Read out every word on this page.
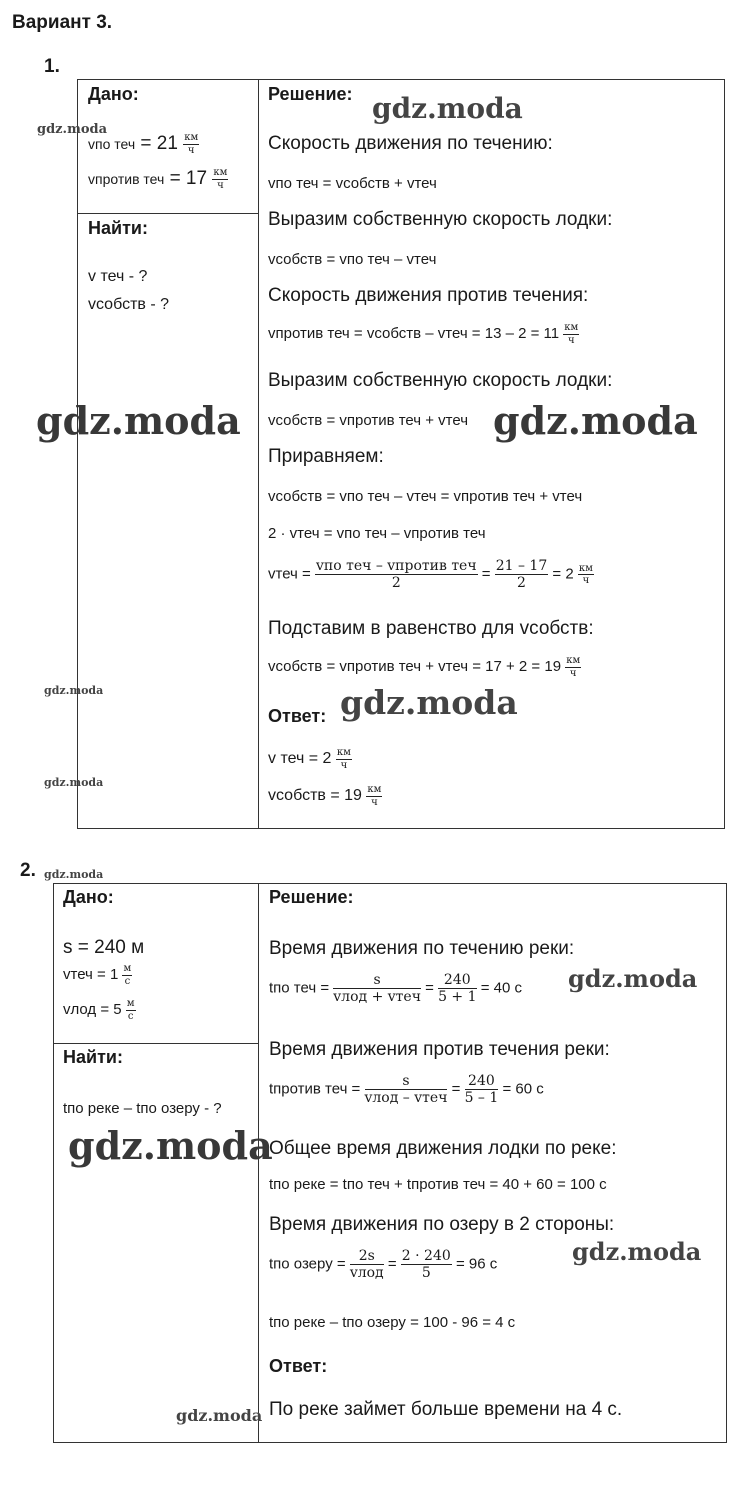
Вариант 3.
1.
Дано:
vпо теч = $21 \frac{км}{ч}$
vпротив теч = $17 \frac{км}{ч}$
Найти:
v теч - ?
vсобств - ?
Решение:
Скорость движения по течению:
vпо теч = vсобств + vтеч
Выразим собственную скорость лодки:
vсобств = vпо теч – vтеч
Скорость движения против течения:
vпротив теч = vсобств – vтеч = $13 - 2 = 11 \frac{км}{ч}$
Выразим собственную скорость лодки:
vсобств = vпротив теч + vтеч
Приравняем:
vсобств = vпо теч – vтеч = vпротив теч + vтеч
2 · vтеч = vпо теч – vпротив теч
vтеч = $\frac{\text{vпо теч – vпротив теч}}{2} = \frac{21 - 17}{2} = 2 \frac{км}{ч}$
Подставим в равенство для vсобств:
vсобств = vпротив теч + vтеч = $17 + 2 = 19 \frac{км}{ч}$
Ответ:
v теч = $2 \frac{км}{ч}$
vсобств = $19 \frac{км}{ч}$
2.
Дано:
s = 240 м
vтеч = $1 \frac{м}{с}$
vлод = $5 \frac{м}{с}$
Найти:
tпо реке – tпо озеру - ?
Решение:
Время движения по течению реки:
tпо теч = $\frac{s}{\text{vлод + vтеч}} = \frac{240}{5 + 1} = 40$ с
Время движения против течения реки:
tпротив теч = $\frac{s}{\text{vлод – vтеч}} = \frac{240}{5 - 1} = 60$ с
Общее время движения лодки по реке:
tпо реке = tпо теч + tпротив теч = 40 + 60 = 100 с
Время движения по озеру в 2 стороны:
tпо озеру = $\frac{2s}{\text{vлод}} = \frac{2 \cdot 240}{5} = 96$ с
tпо реке – tпо озеру = 100 - 96 = 4 с
Ответ:
По реке займет больше времени на 4 с.
gdz.moda
gdz.moda
gdz.moda	gdz.moda
gdz.moda	gdz.moda
gdz.moda
gdz.moda
gdz.moda
gdz.moda
gdz.moda
gdz.moda
